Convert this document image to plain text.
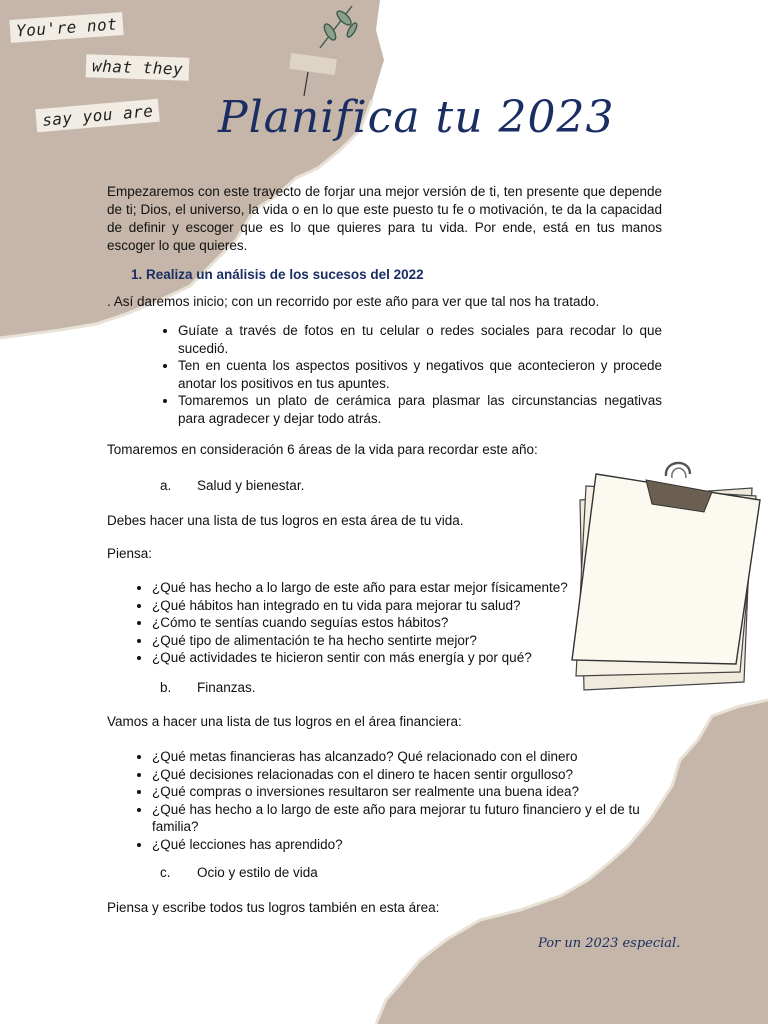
You're not
what they
say you are Planifica tu 2023
Empezaremos con este trayecto de forjar una mejor versión de ti, ten presente que depende de ti; Dios, el universo, la vida o en lo que este puesto tu fe o motivación, te da la capacidad de definir y escoger que es lo que quieres para tu vida. Por ende, está en tus manos escoger lo que quieres.
1. Realiza un análisis de los sucesos del 2022
. Así daremos inicio; con un recorrido por este año para ver que tal nos ha tratado.
• Guíate a través de fotos en tu celular o redes sociales para recodar lo que sucedió.
• Ten en cuenta los aspectos positivos y negativos que acontecieron y procede anotar los positivos en tus apuntes.
• Tomaremos un plato de cerámica para plasmar las circunstancias negativas para agradecer y dejar todo atrás.
Tomaremos en consideración 6 áreas de la vida para recordar este año:
a. Salud y bienestar.
Debes hacer una lista de tus logros en esta área de tu vida.
Piensa:
• ¿Qué has hecho a lo largo de este año para estar mejor físicamente?
• ¿Qué hábitos han integrado en tu vida para mejorar tu salud?
• ¿Cómo te sentías cuando seguías estos hábitos?
• ¿Qué tipo de alimentación te ha hecho sentirte mejor?
• ¿Qué actividades te hicieron sentir con más energía y por qué?
b. Finanzas.
Vamos a hacer una lista de tus logros en el área financiera:
• ¿Qué metas financieras has alcanzado? Qué relacionado con el dinero
• ¿Qué decisiones relacionadas con el dinero te hacen sentir orgulloso?
• ¿Qué compras o inversiones resultaron ser realmente una buena idea?
• ¿Qué has hecho a lo largo de este año para mejorar tu futuro financiero y el de tu familia?
• ¿Qué lecciones has aprendido?
c. Ocio y estilo de vida
Piensa y escribe todos tus logros también en esta área:
Por un 2023 especial.
